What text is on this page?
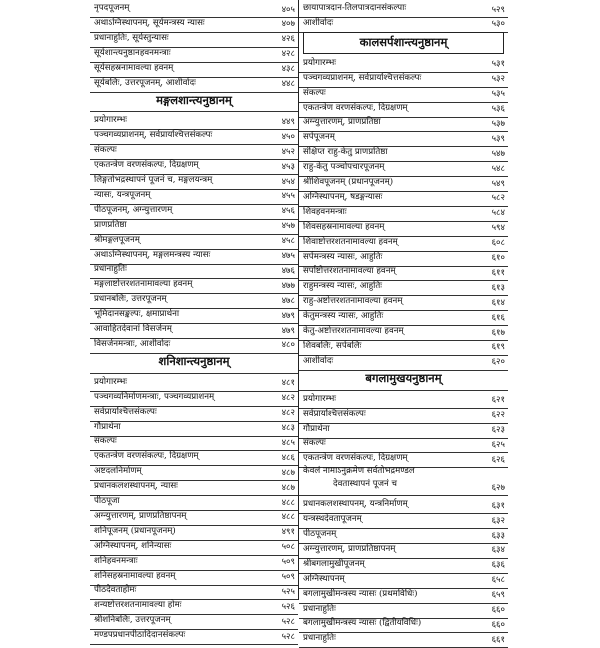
नृपदपूजनम्	४०५
अथाऽग्निस्थापनम्, सूर्यमन्त्रस्य न्यासः	४०७
प्रधानाहुतिः, सूर्यस्तुन्यासः	४२६
सूर्यशान्त्यनुष्ठानहवनमन्त्राः	४२८
सूर्यसहस्रनामावल्या हवनम्	४३८
सूर्यबलिः, उत्तरपूजनम्, आशीर्वादः	४४८
मङ्गलशान्त्यनुष्ठानम्
प्रयोगारम्भः	४४९
पञ्चगव्यप्राशनम्, सर्वप्रायश्चित्तसंकल्पः	४५०
संकल्पः	४५२
एकतन्त्रेण वरणसंकल्पः, दिग्रक्षणम्	४५३
लिङ्गतोभद्रस्थापनं पूजनं च, मङ्गलयन्त्रम्	४५४
न्यासः, यन्त्रपूजनम्	४५५
पीठपूजनम्, अग्न्युत्तारणम्	४५६
प्राणप्रतिष्ठा	४५७
श्रीमङ्गलपूजनम्	४५८
अथाऽग्निस्थापनम्, मङ्गलमन्त्रस्य न्यासः	४७५
प्रधानाहुतिः	४७६
मङ्गलाष्टोत्तरशतनामावल्या हवनम्	४७७
प्रधानबलिः, उत्तरपूजनम्	४७८
भूमिदानसङ्कल्पः, क्षमाप्रार्थना	४७९
आवाहितदेवानां विसर्जनम्	४७९
विसर्जनमन्त्राः, आशीर्वादः	४८०
शनिशान्त्यनुष्ठानम्
प्रयोगारम्भः	४८१
पञ्चगव्यनिर्माणमन्त्राः, पञ्चगव्यप्राशनम्	४८२
सर्वप्रायश्चित्तसंकल्पः	४८२
गौप्रार्थना	४८३
संकल्पः	४८५
एकतन्त्रेण वरणसंकल्पः, दिग्रक्षणम्	४८६
अष्टदलनिर्माणम्	४८७
प्रधानकलशस्थापनम्, न्यासः	४८७
पीठपूजा	४८८
अग्न्युत्तारणम्, प्राणप्रतिष्ठापनम्	४८८
शनिपूजनम् (प्रधानपूजनम्)	४९१
अग्निस्थापनम्, शनिन्यासः	५०८
शनिहवनमन्त्राः	५०९
शनिसहस्रनामावल्या हवनम्	५०९
पीठदेवताहोमः	५२५
शन्यष्टोत्तरशतनामावल्या होमः	५२६
श्रीशनिबलिः, उत्तरपूजनम्	५२८
मण्डपप्रधानपीठादिदानसंकल्पः	५२८
छायापात्रदान-तिलपात्रदानसंकल्पाः	५२९
आशीर्वादः	५३०
कालसर्पशान्त्यनुष्ठानम्
प्रयोगारम्भः	५३१
पञ्चगव्यप्राशनम्, सर्वप्रायश्चित्तसंकल्पः	५३२
संकल्पः	५३५
एकतन्त्रेण वरणसंकल्पः, दिग्रक्षणम्	५३६
अग्न्युत्तारणम्, प्राणप्रतिष्ठा	५३७
सर्पपूजनम्	५३९
संक्षिप्त राहु-केतु प्राणप्रतिष्ठा	५४७
राहु-केतु पञ्चोपचारपूजनम्	५४८
श्रीशिवपूजनम् (प्रधानपूजनम्)	५४९
अग्निस्थापनम्, षडङ्गन्यासः	५८२
शिवहवनमन्त्राः	५८४
शिवसहस्रनामावल्या हवनम्	५९४
शिवाष्टोत्तरशतनामावल्या हवनम्	६०८
सर्पमन्त्रस्य न्यासः, आहुतिः	६१०
सर्पाष्टोत्तरशतनामावल्या हवनम्	६११
राहुमन्त्रस्य न्यासः, आहुतिः	६१३
राहु-अष्टोत्तरशतनामावल्या हवनम्	६१४
केतुमन्त्रस्य न्यासः, आहुतिः	६१६
केतु-अष्टोत्तरशतनामावल्या हवनम्	६१७
शिवबलिः, सर्पबलिः	६१९
आशीर्वादः	६२०
बगलामुखयनुष्ठानम्
प्रयोगारम्भः	६२१
सर्वप्रायश्चित्तसंकल्पः	६२२
गौप्रार्थना	६२३
संकल्पः	६२५
एकतन्त्रेण वरणसंकल्पः, दिग्रक्षणम्	६२६
केवलं नामाऽनुक्रमेण सर्वतोभद्रमण्डल
देवतास्थापनं पूजनं च	६२७
प्रधानकलशस्थापनम्, यन्त्रनिर्माणम्	६३१
यन्त्रस्थदेवतापूजनम्	६३२
पीठपूजनम्	६३३
अग्न्युत्तारणम्, प्राणप्रतिष्ठापनम्	६३४
श्रीबगलामुखीपूजनम्	६३६
अग्निस्थापनम्	६५८
बगलामुखीमन्त्रस्य न्यासः (प्रथमविधिः)	६५९
प्रधानाहुतिः	६६०
बगलामुखीमन्त्रस्य न्यासः (द्वितीयविधिः)	६६०
प्रधानाहुतिः	६६१
